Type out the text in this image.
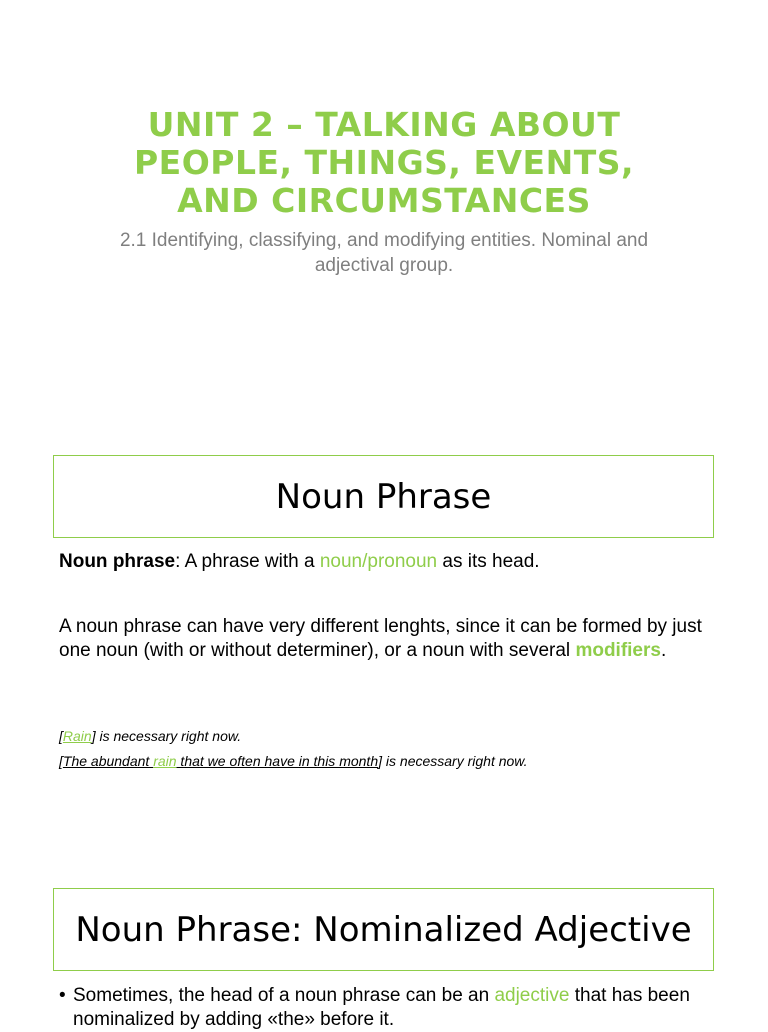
UNIT 2 – TALKING ABOUT
PEOPLE, THINGS, EVENTS,
AND CIRCUMSTANCES
2.1 Identifying, classifying, and modifying entities. Nominal and adjectival group.
Noun Phrase
Noun phrase: A phrase with a noun/pronoun as its head.
A noun phrase can have very different lenghts, since it can be formed by just one noun (with or without determiner), or a noun with several modifiers.
[Rain] is necessary right now.
[The abundant rain that we often have in this month] is necessary right now.
Noun Phrase: Nominalized Adjective
• Sometimes, the head of a noun phrase can be an adjective that has been nominalized by adding «the» before it.
